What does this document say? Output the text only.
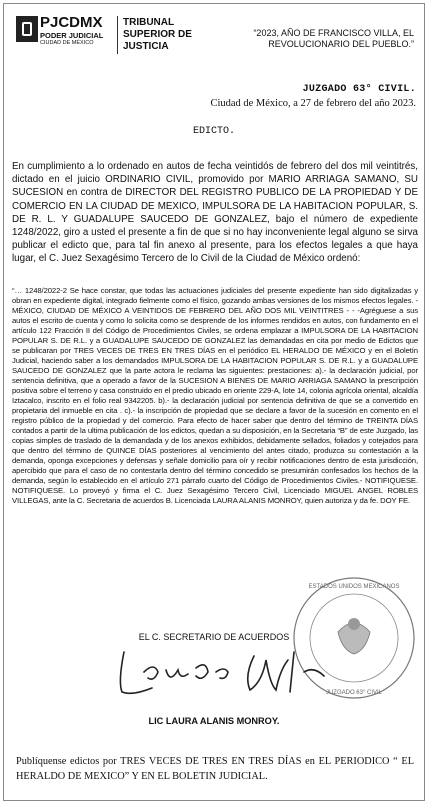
PJCDMX
PODER JUDICIAL
CIUDAD DE MÉXICO
TRIBUNAL SUPERIOR DE JUSTICIA
“2023, AÑO DE FRANCISCO VILLA, EL REVOLUCIONARIO DEL PUEBLO.”
JUZGADO 63° CIVIL.
Ciudad de México, a 27 de febrero del año 2023.
EDICTO.
En cumplimiento a lo ordenado en autos de fecha veintidós de febrero del dos mil veintitrés, dictado en el juicio ORDINARIO CIVIL, promovido por MARIO ARRIAGA SAMANO, SU SUCESION en contra de DIRECTOR DEL REGISTRO PUBLICO DE LA PROPIEDAD Y DE COMERCIO EN LA CIUDAD DE MEXICO, IMPULSORA DE LA HABITACION POPULAR, S. DE R. L. Y GUADALUPE SAUCEDO DE GONZALEZ, bajo el número de expediente 1248/2022, giro a usted el presente a fin de que si no hay inconveniente legal alguno se sirva publicar el edicto que, para tal fin anexo al presente, para los efectos legales a que haya lugar, el C. Juez Sexagésimo Tercero de lo Civil de la Ciudad de México ordenó:
“… 1248/2022-2 Se hace constar, que todas las actuaciones judiciales del presente expediente han sido digitalizadas y obran en expediente digital, integrado fielmente como el físico, gozando ambas versiones de los mismos efectos legales. -MÉXICO, CIUDAD DE MÉXICO A VEINTIDOS DE FEBRERO DEL AÑO DOS MIL VEINTITRES - - -Agréguese a sus autos el escrito de cuenta y como lo solicita como se desprende de los informes rendidos en autos, con fundamento en el artículo 122 Fracción II del Código de Procedimientos Civiles, se ordena emplazar a IMPULSORA DE LA HABITACION POPULAR S. DE R.L. y a GUADALUPE SAUCEDO DE GONZALEZ las demandadas en cita por medio de Edictos que se publicaran por TRES VECES DE TRES EN TRES DÍAS en el periódico EL HERALDO DE MÉXICO y en el Boletín Judicial, haciendo saber a los demandados IMPULSORA DE LA HABITACION POPULAR S. DE R.L. y a GUADALUPE SAUCEDO DE GONZALEZ que la parte actora le reclama las siguientes: prestaciones: a).- la declaración judicial, por sentencia definitiva, que a operado a favor de la SUCESION A BIENES DE MARIO ARRIAGA SAMANO la prescripción positiva sobre el terreno y casa construido en el predio ubicado en oriente 229-A, lote 14, colonia agrícola oriental, alcaldía Iztacalco, inscrito en el folio real 9342205. b).- la declaración judicial por sentencia definitiva de que se a convertido en propietaria del inmueble en cita . c).- la inscripción de propiedad que se declare a favor de la sucesión en comento en el registro público de la propiedad y del comercio. Para efecto de hacer saber que dentro del término de TREINTA DÍAS contados a partir de la ultima publicación de los edictos, quedan a su disposición, en la Secretaria “B” de este Juzgado, las copias simples de traslado de la demandada y de los anexos exhibidos, debidamente sellados, foliados y cotejados para que dentro del término de QUINCE DÍAS posteriores al vencimiento del antes citado, produzca su contestación a la demanda, oponga excepciones y defensas y señale domicilio para oír y recibir notificaciones dentro de esta jurisdicción, apercibido que para el caso de no contestarla dentro del término concedido se presumirán confesados los hechos de la demanda, según lo establecido en el artículo 271 párrafo cuarto del Código de Procedimientos Civiles.- NOTIFIQUESE. NOTIFIQUESE. Lo proveyó y firma el C. Juez Sexagésimo Tercero Civil, Licenciado MIGUEL ANGEL ROBLES VILLEGAS, ante la C. Secretaria de acuerdos B. Licenciada LAURA ALANIS MONROY, quien autoriza y da fe. DOY FE.
ESTADOS UNIDOS MEXICANOS
JUZGADO 63° CIVIL
EL C. SECRETARIO DE ACUERDOS
LIC LAURA ALANIS MONROY.
Publíquense edictos por TRES VECES DE TRES EN TRES DÍAS en EL PERIODICO “ EL HERALDO DE MEXICO” Y EN EL BOLETIN JUDICIAL.
